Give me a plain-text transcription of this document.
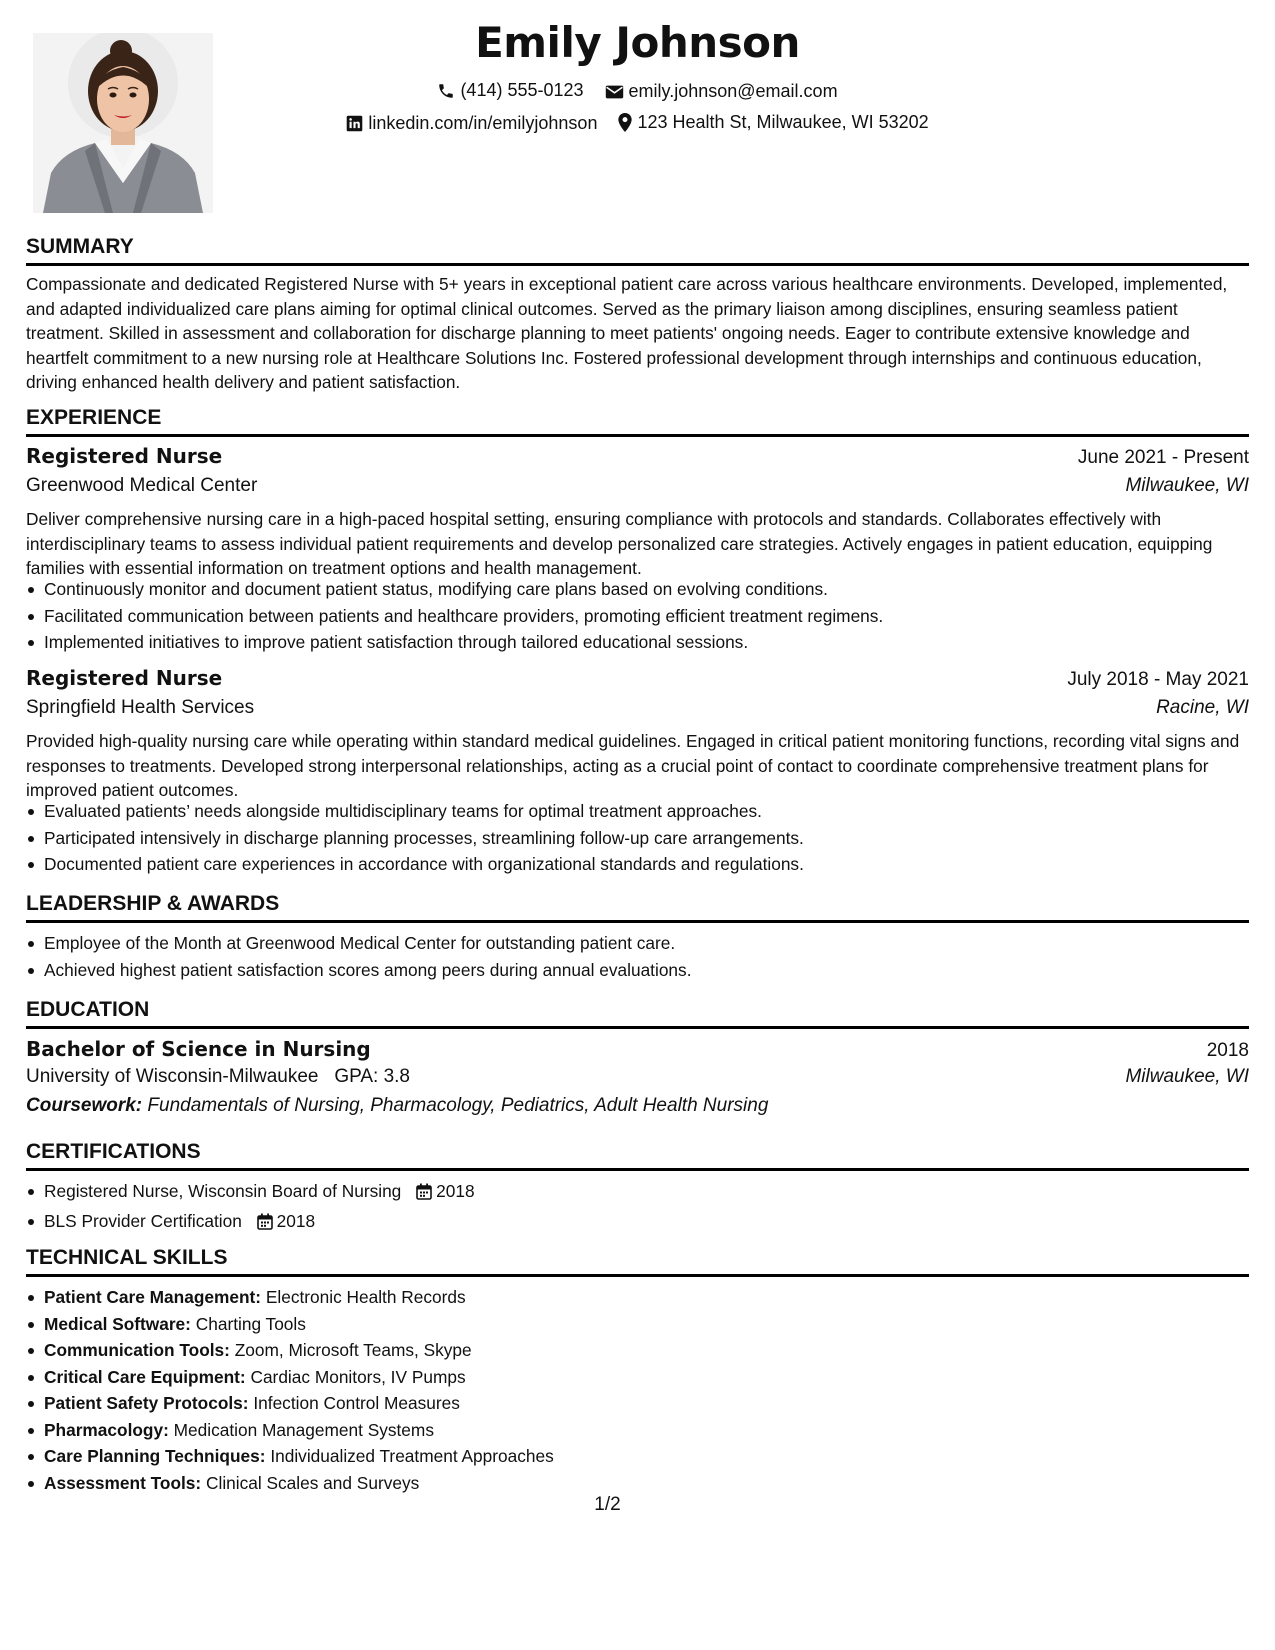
Emily Johnson
(414) 555-0123
	emily.johnson@email.com
linkedin.com/in/emilyjohnson
123 Health St, Milwaukee, WI 53202
SUMMARY

Compassionate and dedicated Registered Nurse with 5+ years in exceptional patient care across various healthcare environments. Developed, implemented, and adapted individualized care plans aiming for optimal clinical outcomes. Served as the primary liaison among disciplines, ensuring seamless patient treatment. Skilled in assessment and collaboration for discharge planning to meet patients' ongoing needs. Eager to contribute extensive knowledge and heartfelt commitment to a new nursing role at Healthcare Solutions Inc. Fostered professional development through internships and continuous education, driving enhanced health delivery and patient satisfaction.

EXPERIENCE
Registered Nurse	June 2021 - Present
Greenwood Medical Center	Milwaukee, WI

Deliver comprehensive nursing care in a high-paced hospital setting, ensuring compliance with protocols and standards. Collaborates effectively with interdisciplinary teams to assess individual patient requirements and develop personalized care strategies. Actively engages in patient education, equipping families with essential information on treatment options and health management.

Continuously monitor and document patient status, modifying care plans based on evolving conditions.
Facilitated communication between patients and healthcare providers, promoting efficient treatment regimens.
Implemented initiatives to improve patient satisfaction through tailored educational sessions.
Registered Nurse	July 2018 - May 2021
Springfield Health Services	Racine, WI

Provided high-quality nursing care while operating within standard medical guidelines. Engaged in critical patient monitoring functions, recording vital signs and responses to treatments. Developed strong interpersonal relationships, acting as a crucial point of contact to coordinate comprehensive treatment plans for improved patient outcomes.

Evaluated patients’ needs alongside multidisciplinary teams for optimal treatment approaches.
Participated intensively in discharge planning processes, streamlining follow-up care arrangements.
Documented patient care experiences in accordance with organizational standards and regulations.
LEADERSHIP & AWARDS
Employee of the Month at Greenwood Medical Center for outstanding patient care.
Achieved highest patient satisfaction scores among peers during annual evaluations.
EDUCATION
Bachelor of Science in Nursing	2018
University of Wisconsin-Milwaukee GPA: 3.8	Milwaukee, WI
Coursework: Fundamentals of Nursing, Pharmacology, Pediatrics, Adult Health Nursing
CERTIFICATIONS
Registered Nurse, Wisconsin Board of Nursing 2018
BLS Provider Certification 2018
TECHNICAL SKILLS
Patient Care Management: Electronic Health Records
Medical Software: Charting Tools
Communication Tools: Zoom, Microsoft Teams, Skype
Critical Care Equipment: Cardiac Monitors, IV Pumps
Patient Safety Protocols: Infection Control Measures
Pharmacology: Medication Management Systems
Care Planning Techniques: Individualized Treatment Approaches
Assessment Tools: Clinical Scales and Surveys
1/2
